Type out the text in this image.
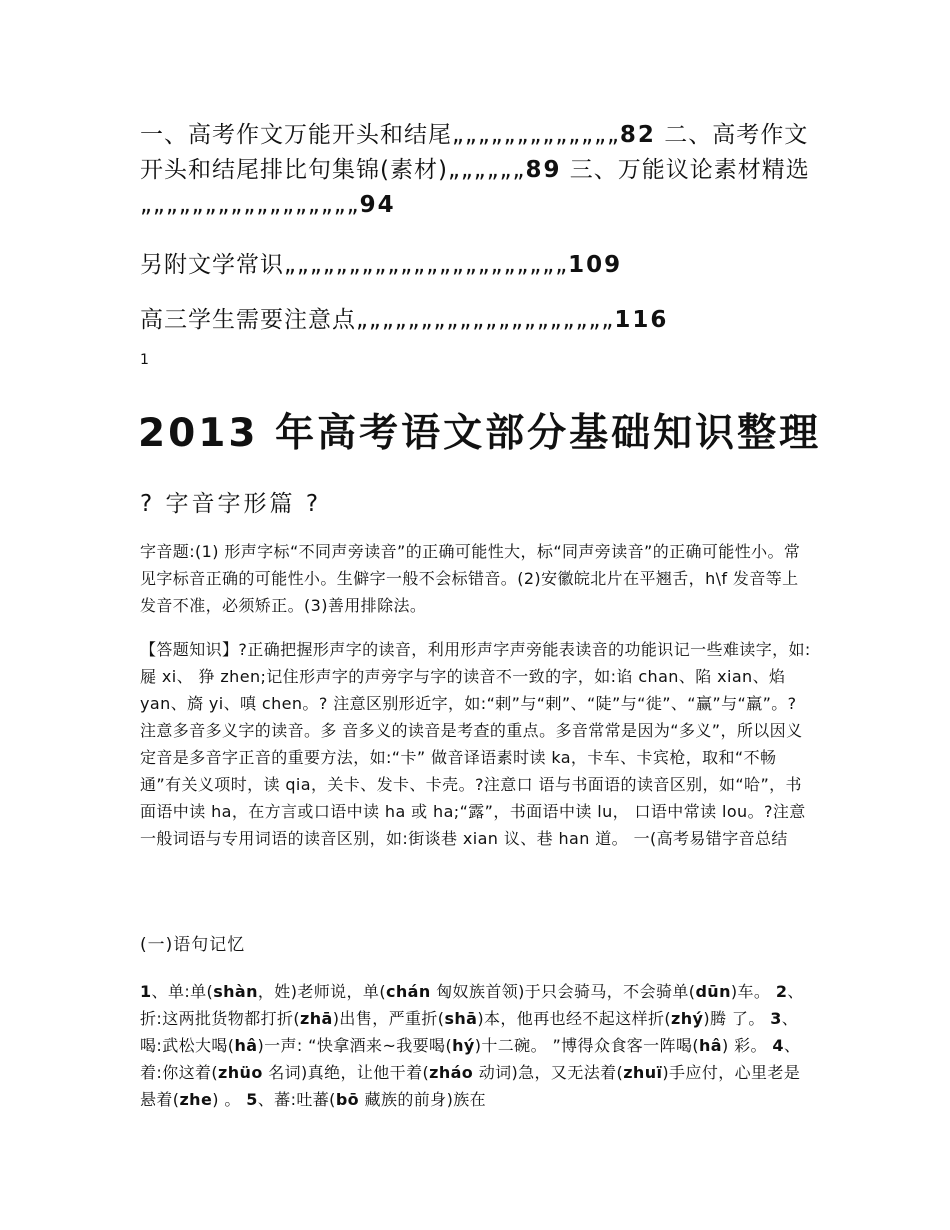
一、高考作文万能开头和结尾„„„„„„„„„„„„„82 二、高考作文开头和结尾排比句集锦(素材)„„„„„„89 三、万能议论素材精选„„„„„„„„„„„„„„„„„94
另附文学常识„„„„„„„„„„„„„„„„„„„„„„109
高三学生需要注意点„„„„„„„„„„„„„„„„„„„„116
1
2013 年高考语文部分基础知识整理
? 字音字形篇 ?

字音题:(1) 形声字标“不同声旁读音”的正确可能性大，标“同声旁读音”的正确可能性小。常见字标音正确的可能性小。生僻字一般不会标错音。(2)安徽皖北片在平翘舌，h\f 发音等上发音不准，必须矫正。(3)善用排除法。

【答题知识】?正确把握形声字的读音，利用形声字声旁能表读音的功能识记一些难读字，如:屣 xi、 狰 zhen;记住形声字的声旁字与字的读音不一致的字，如:谄 chan、陷 xian、焰 yan、旖 yi、嗔 chen。? 注意区别形近字，如:“剌”与“剌”、“陡”与“徙”、“赢”与“羸”。?注意多音多义字的读音。多 音多义的读音是考查的重点。多音常常是因为“多义”，所以因义定音是多音字正音的重要方法，如:“卡” 做音译语素时读 ka，卡车、卡宾枪，取和“不畅通”有关义项时，读 qia，关卡、发卡、卡壳。?注意口 语与书面语的读音区别，如“哈”，书面语中读 ha，在方言或口语中读 ha 或 ha;“露”，书面语中读 lu， 口语中常读 lou。?注意一般词语与专用词语的读音区别，如:街谈巷 xian 议、巷 han 道。 一(高考易错字音总结

(一)语句记忆

1、单:单(shàn，姓)老师说，单(chán 匈奴族首领)于只会骑马，不会骑单(dūn)车。 2、折:这两批货物都打折(zhā)出售，严重折(shā)本，他再也经不起这样折(zhý)腾 了。 3、喝:武松大喝(hâ)一声: “快拿酒来~我要喝(hý)十二碗。 ”博得众食客一阵喝(hâ) 彩。 4、着:你这着(zhüo 名词)真绝，让他干着(zháo 动词)急，又无法着(zhuï)手应付，心里老是悬着(zhe) 。 5、蕃:吐蕃(bō 藏族的前身)族在
